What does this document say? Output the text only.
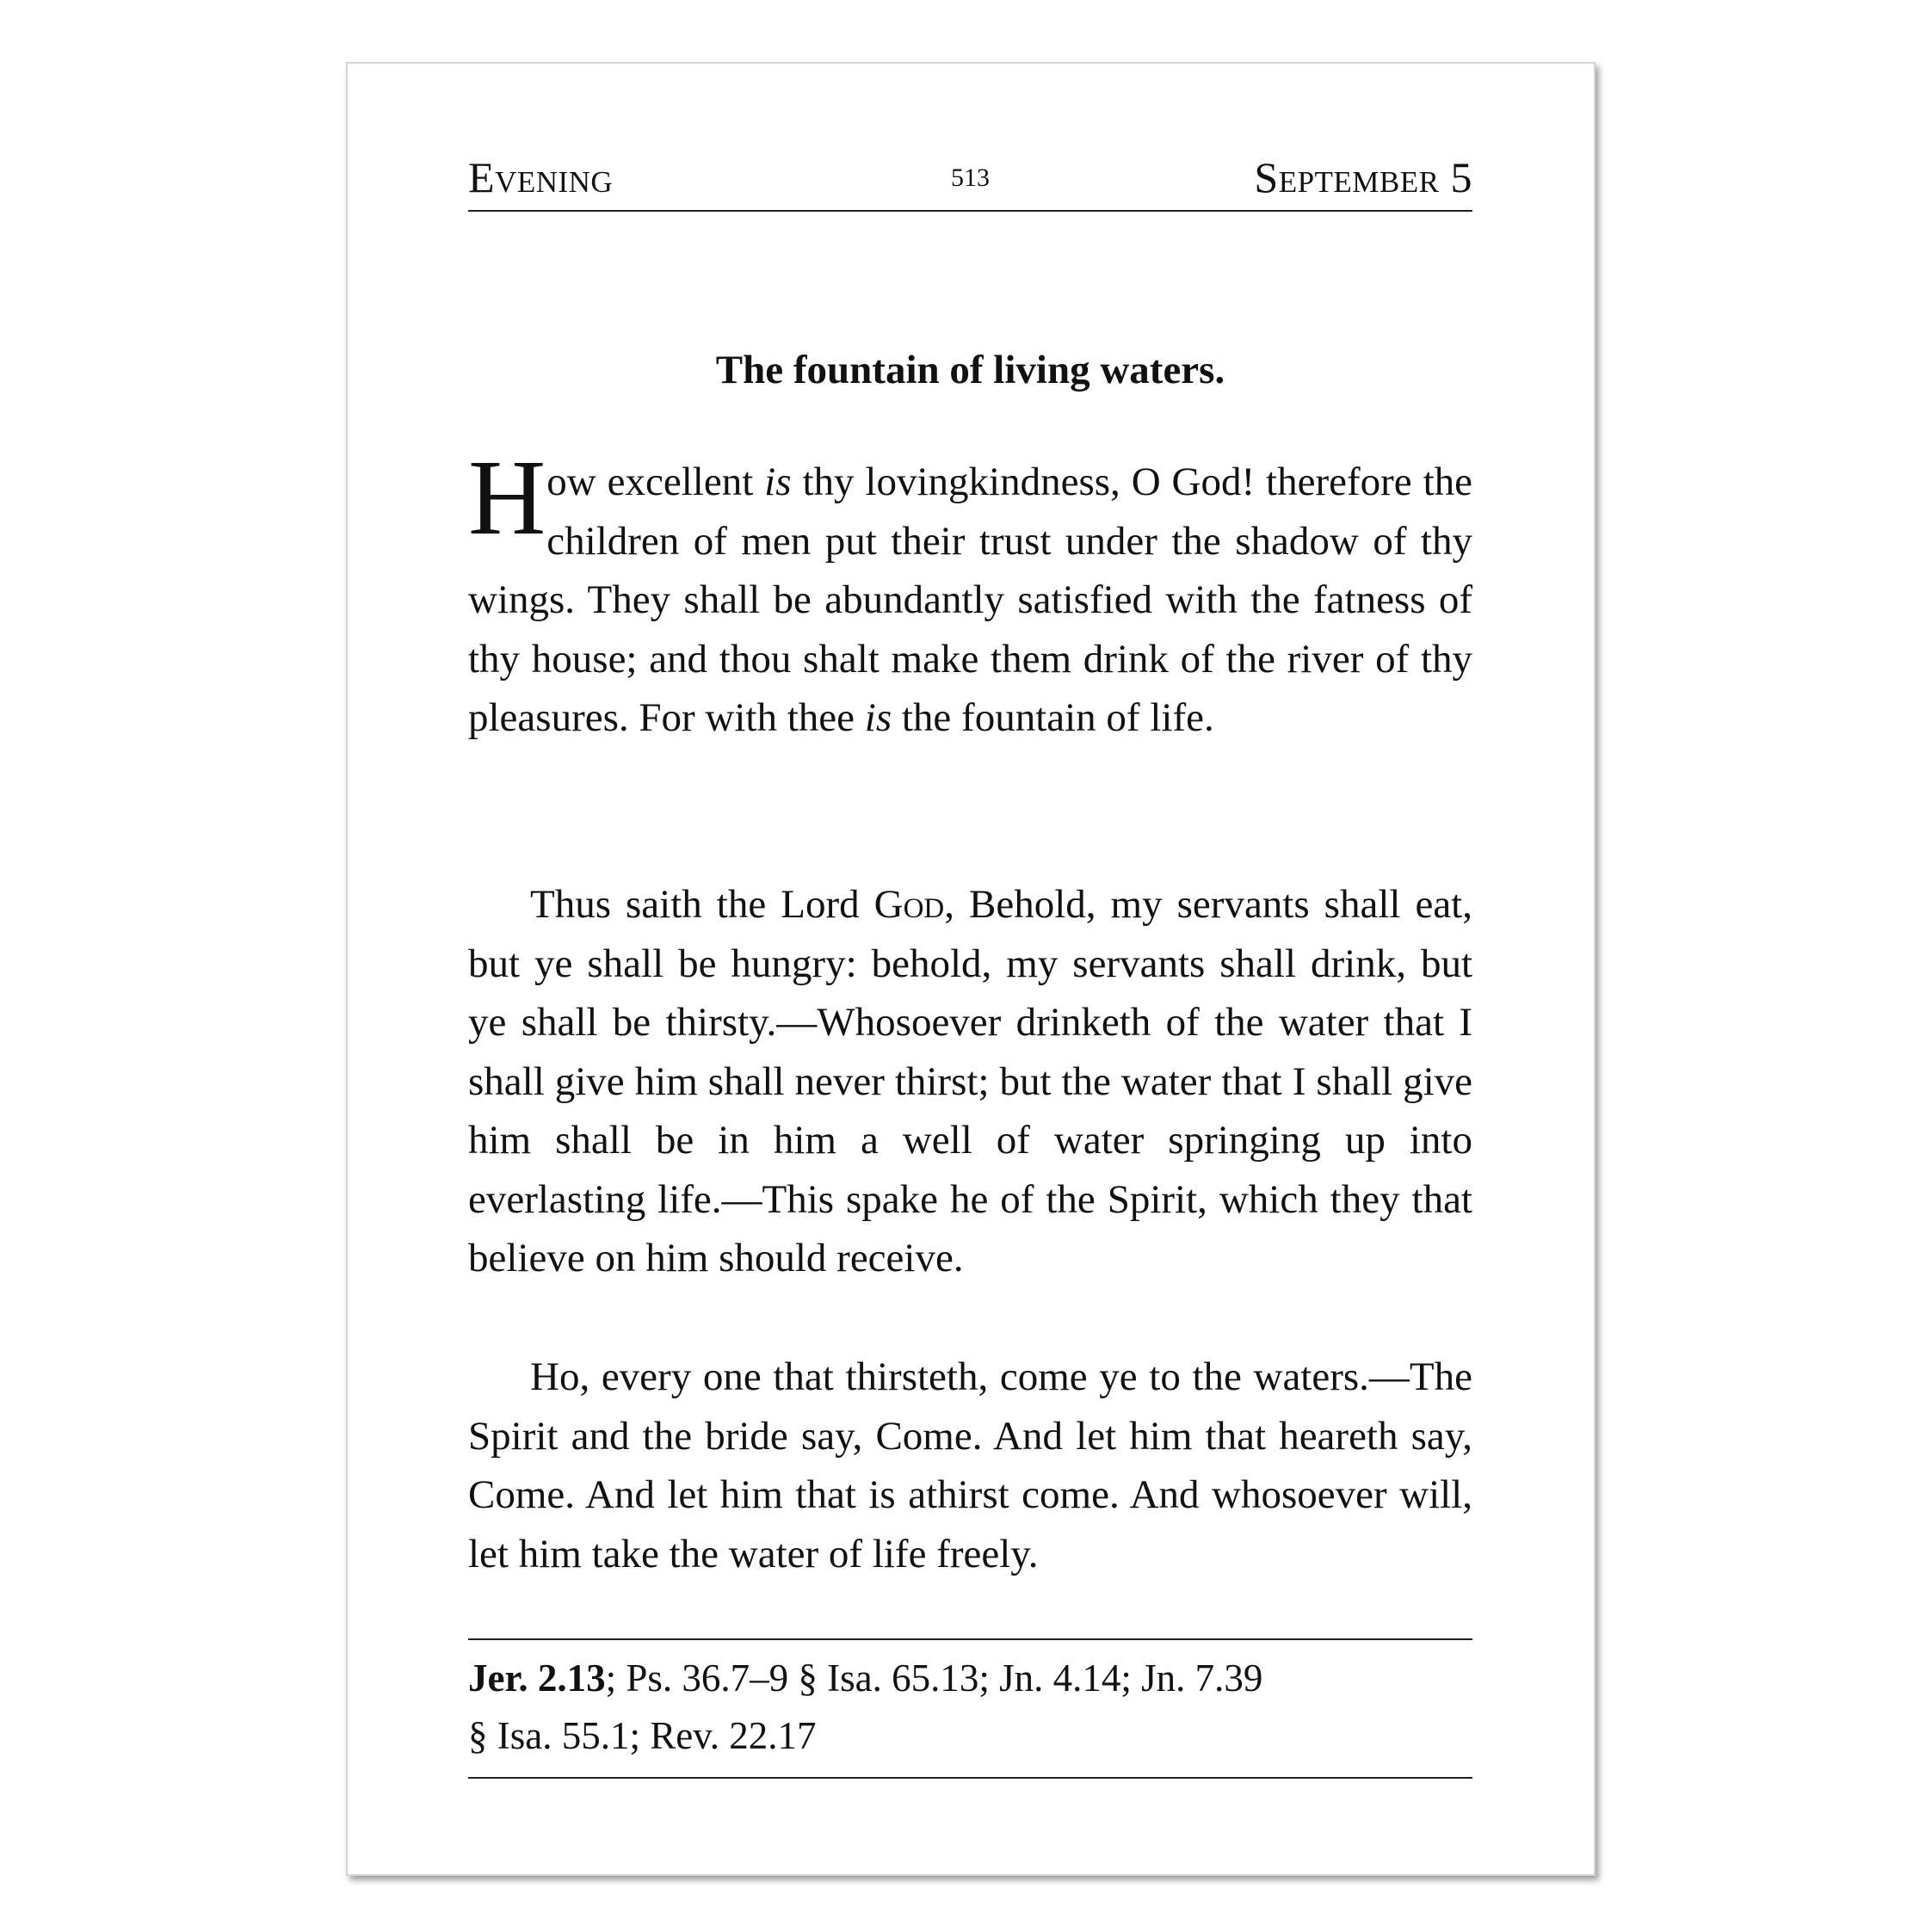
Evening	513	September 5
The fountain of living waters.

How excellent is thy lovingkindness, O God! therefore the children of men put their trust under the shadow of thy wings. They shall be abundantly satisfied with the fatness of thy house; and thou shalt make them drink of the river of thy pleasures. For with thee is the fountain of life.

Thus saith the Lord God, Behold, my servants shall eat, but ye shall be hungry: behold, my servants shall drink, but ye shall be thirsty.—Whosoever drinketh of the water that I shall give him shall never thirst; but the water that I shall give him shall be in him a well of water springing up into everlasting life.—This spake he of the Spirit, which they that believe on him should receive.

Ho, every one that thirsteth, come ye to the waters.—The Spirit and the bride say, Come. And let him that heareth say, Come. And let him that is athirst come. And whosoever will, let him take the water of life freely.

Jer. 2.13; Ps. 36.7–9 § Isa. 65.13; Jn. 4.14; Jn. 7.39
§ Isa. 55.1; Rev. 22.17
